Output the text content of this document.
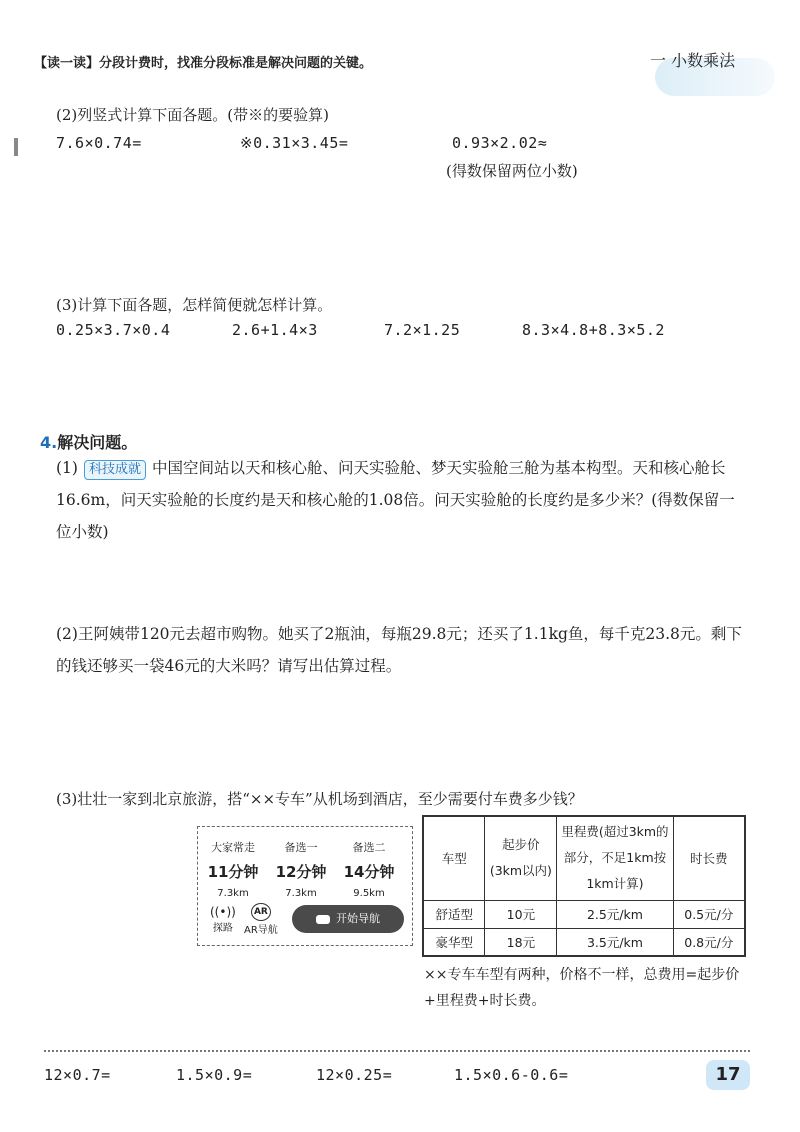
【读一读】分段计费时，找准分段标准是解决问题的关键。	一 小数乘法
(2)列竖式计算下面各题。(带※的要验算)
7.6×0.74=	※0.31×3.45=	0.93×2.02≈
(得数保留两位小数)
(3)计算下面各题，怎样简便就怎样计算。
0.25×3.7×0.4	2.6+1.4×3	7.2×1.25	8.3×4.8+8.3×5.2
4.解决问题。
(1) 科技成就 中国空间站以天和核心舱、问天实验舱、梦天实验舱三舱为基本构型。天和核心舱长16.6m，问天实验舱的长度约是天和核心舱的1.08倍。问天实验舱的长度约是多少米？(得数保留一位小数)
(2)王阿姨带120元去超市购物。她买了2瓶油，每瓶29.8元；还买了1.1kg鱼，每千克23.8元。剩下的钱还够买一袋46元的大米吗？请写出估算过程。
(3)壮壮一家到北京旅游，搭“××专车”从机场到酒店，至少需要付车费多少钱？
大家常走
11分钟
7.3km
备选一
12分钟
7.3km
备选二
14分钟
9.5km
((•))
探路
AR
AR导航
开始导航
车型	起步价(3km以内)	里程费(超过3km的部分，不足1km按1km计算)	时长费
舒适型	10元	2.5元/km	0.5元/分
豪华型	18元	3.5元/km	0.8元/分
××专车车型有两种，价格不一样，总费用=起步价+里程费+时长费。
12×0.7=	1.5×0.9=	12×0.25=	1.5×0.6-0.6=	17
